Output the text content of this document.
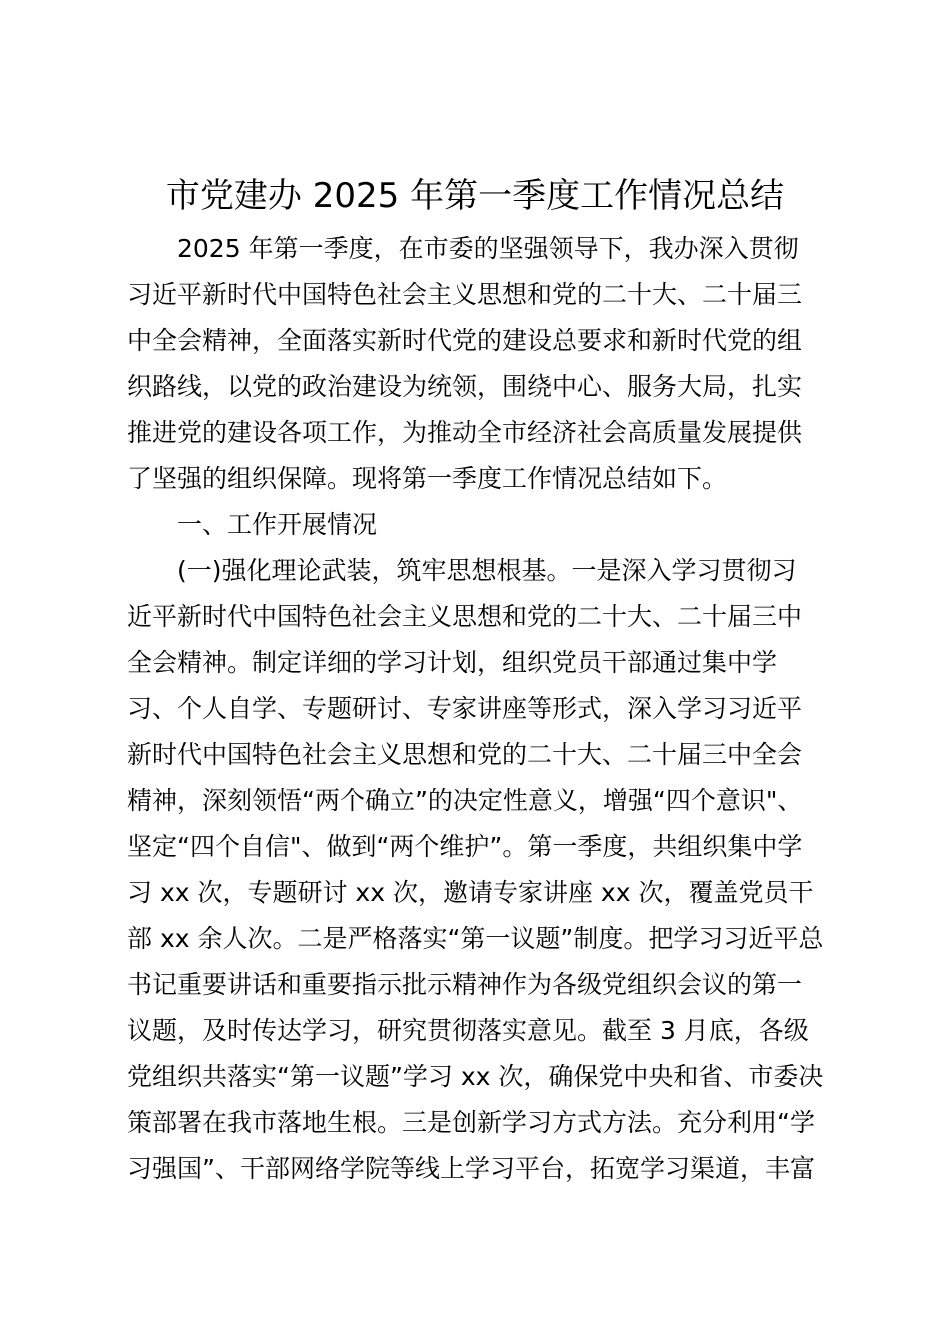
市党建办 2025 年第一季度工作情况总结
2025 年第一季度，在市委的坚强领导下，我办深入贯彻
习近平新时代中国特色社会主义思想和党的二十大、二十届三
中全会精神，全面落实新时代党的建设总要求和新时代党的组
织路线，以党的政治建设为统领，围绕中心、服务大局，扎实
推进党的建设各项工作，为推动全市经济社会高质量发展提供
了坚强的组织保障。现将第一季度工作情况总结如下。
一、工作开展情况
(一)强化理论武装，筑牢思想根基。一是深入学习贯彻习
近平新时代中国特色社会主义思想和党的二十大、二十届三中
全会精神。制定详细的学习计划，组织党员干部通过集中学
习、个人自学、专题研讨、专家讲座等形式，深入学习习近平
新时代中国特色社会主义思想和党的二十大、二十届三中全会
精神，深刻领悟“两个确立”的决定性意义，增强“四个意识"、
坚定“四个自信"、做到“两个维护”。第一季度，共组织集中学
习 xx 次，专题研讨 xx 次，邀请专家讲座 xx 次，覆盖党员干
部 xx 余人次。二是严格落实“第一议题”制度。把学习习近平总
书记重要讲话和重要指示批示精神作为各级党组织会议的第一
议题，及时传达学习，研究贯彻落实意见。截至 3 月底，各级
党组织共落实“第一议题”学习 xx 次，确保党中央和省、市委决
策部署在我市落地生根。三是创新学习方式方法。充分利用“学
习强国”、干部网络学院等线上学习平台，拓宽学习渠道，丰富
